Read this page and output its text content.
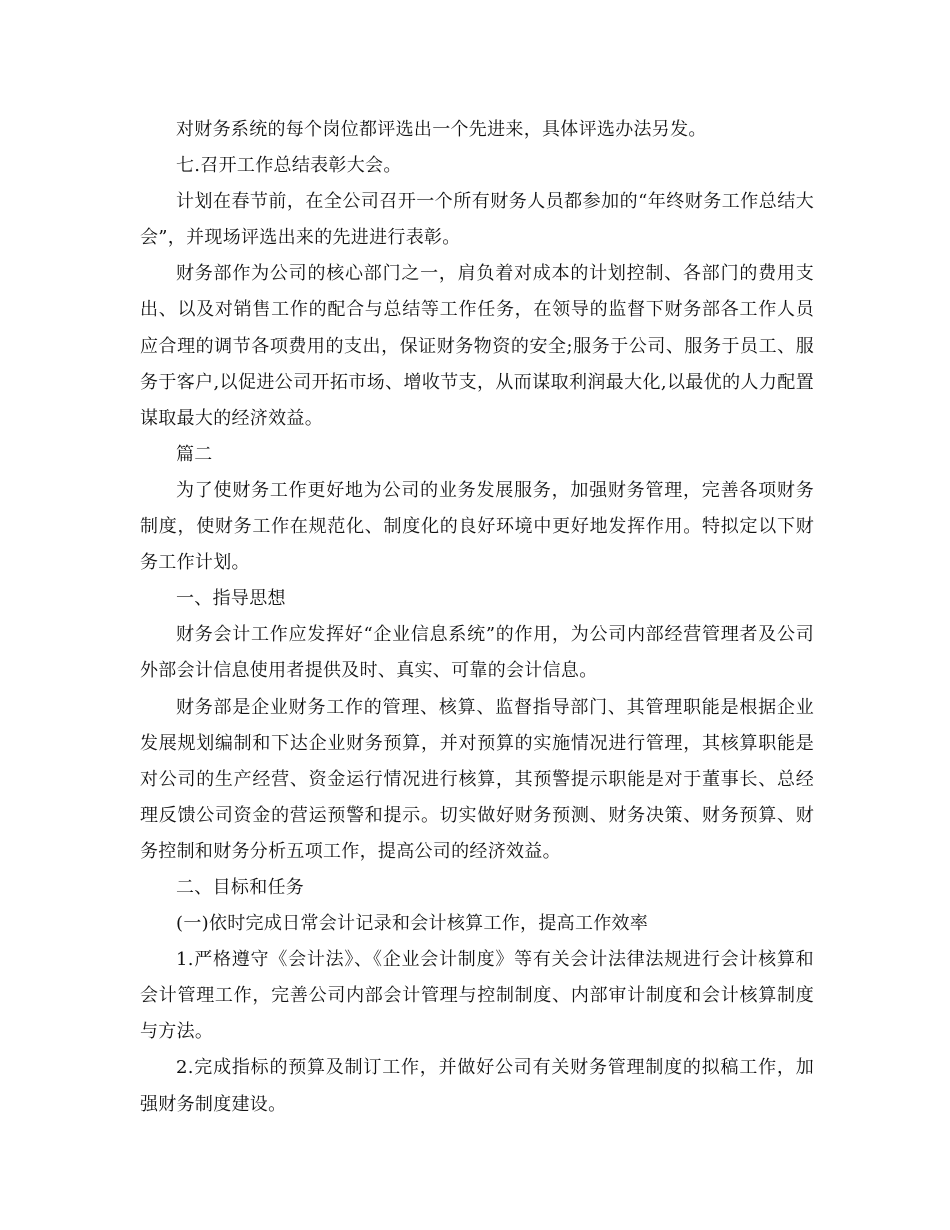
对财务系统的每个岗位都评选出一个先进来，具体评选办法另发。

七.召开工作总结表彰大会。

计划在春节前，在全公司召开一个所有财务人员都参加的“年终财务工作总结大会”，并现场评选出来的先进进行表彰。

财务部作为公司的核心部门之一，肩负着对成本的计划控制、各部门的费用支出、以及对销售工作的配合与总结等工作任务，在领导的监督下财务部各工作人员应合理的调节各项费用的支出，保证财务物资的安全;服务于公司、服务于员工、服务于客户,以促进公司开拓市场、增收节支，从而谋取利润最大化,以最优的人力配置谋取最大的经济效益。

篇二

为了使财务工作更好地为公司的业务发展服务，加强财务管理，完善各项财务制度，使财务工作在规范化、制度化的良好环境中更好地发挥作用。特拟定以下财务工作计划。

一、指导思想

财务会计工作应发挥好“企业信息系统”的作用，为公司内部经营管理者及公司外部会计信息使用者提供及时、真实、可靠的会计信息。

财务部是企业财务工作的管理、核算、监督指导部门、其管理职能是根据企业发展规划编制和下达企业财务预算，并对预算的实施情况进行管理，其核算职能是对公司的生产经营、资金运行情况进行核算，其预警提示职能是对于董事长、总经理反馈公司资金的营运预警和提示。切实做好财务预测、财务决策、财务预算、财务控制和财务分析五项工作，提高公司的经济效益。

二、目标和任务

(一)依时完成日常会计记录和会计核算工作，提高工作效率

1.严格遵守《会计法》、《企业会计制度》等有关会计法律法规进行会计核算和会计管理工作，完善公司内部会计管理与控制制度、内部审计制度和会计核算制度与方法。

2.完成指标的预算及制订工作，并做好公司有关财务管理制度的拟稿工作，加强财务制度建设。
